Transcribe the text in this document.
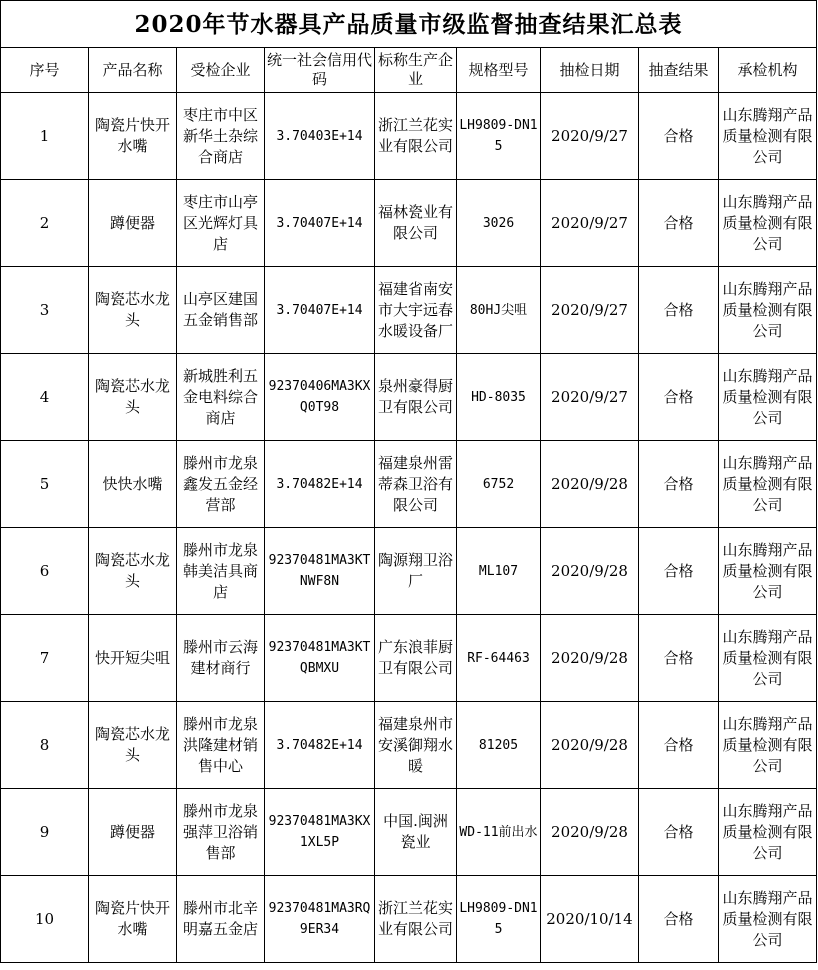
2020年节水器具产品质量市级监督抽查结果汇总表								
序号	产品名称	受检企业	统一社会信用代码	标称生产企业	规格型号	抽检日期	抽查结果	承检机构
1	陶瓷片快开水嘴	枣庄市中区新华土杂综合商店	3.70403E+14	浙江兰花实业有限公司	LH9809-DN15	2020/9/27	合格	山东腾翔产品质量检测有限公司
2	蹲便器	枣庄市山亭区光辉灯具店	3.70407E+14	福林瓷业有限公司	3026	2020/9/27	合格	山东腾翔产品质量检测有限公司
3	陶瓷芯水龙头	山亭区建国五金销售部	3.70407E+14	福建省南安市大宇远春水暖设备厂	80HJ尖咀	2020/9/27	合格	山东腾翔产品质量检测有限公司
4	陶瓷芯水龙头	新城胜利五金电料综合商店	92370406MA3KXQ0T98	泉州豪得厨卫有限公司	HD-8035	2020/9/27	合格	山东腾翔产品质量检测有限公司
5	快快水嘴	滕州市龙泉鑫发五金经营部	3.70482E+14	福建泉州雷蒂森卫浴有限公司	6752	2020/9/28	合格	山东腾翔产品质量检测有限公司
6	陶瓷芯水龙头	滕州市龙泉韩美洁具商店	92370481MA3KTNWF8N	陶源翔卫浴厂	ML107	2020/9/28	合格	山东腾翔产品质量检测有限公司
7	快开短尖咀	滕州市云海建材商行	92370481MA3KTQBMXU	广东浪菲厨卫有限公司	RF-64463	2020/9/28	合格	山东腾翔产品质量检测有限公司
8	陶瓷芯水龙头	滕州市龙泉洪隆建材销售中心	3.70482E+14	福建泉州市安溪御翔水暖	81205	2020/9/28	合格	山东腾翔产品质量检测有限公司
9	蹲便器	滕州市龙泉强萍卫浴销售部	92370481MA3KX1XL5P	中国.闽洲瓷业	WD-11前出水	2020/9/28	合格	山东腾翔产品质量检测有限公司
10	陶瓷片快开水嘴	滕州市北辛明嘉五金店	92370481MA3RQ9ER34	浙江兰花实业有限公司	LH9809-DN15	2020/10/14	合格	山东腾翔产品质量检测有限公司
